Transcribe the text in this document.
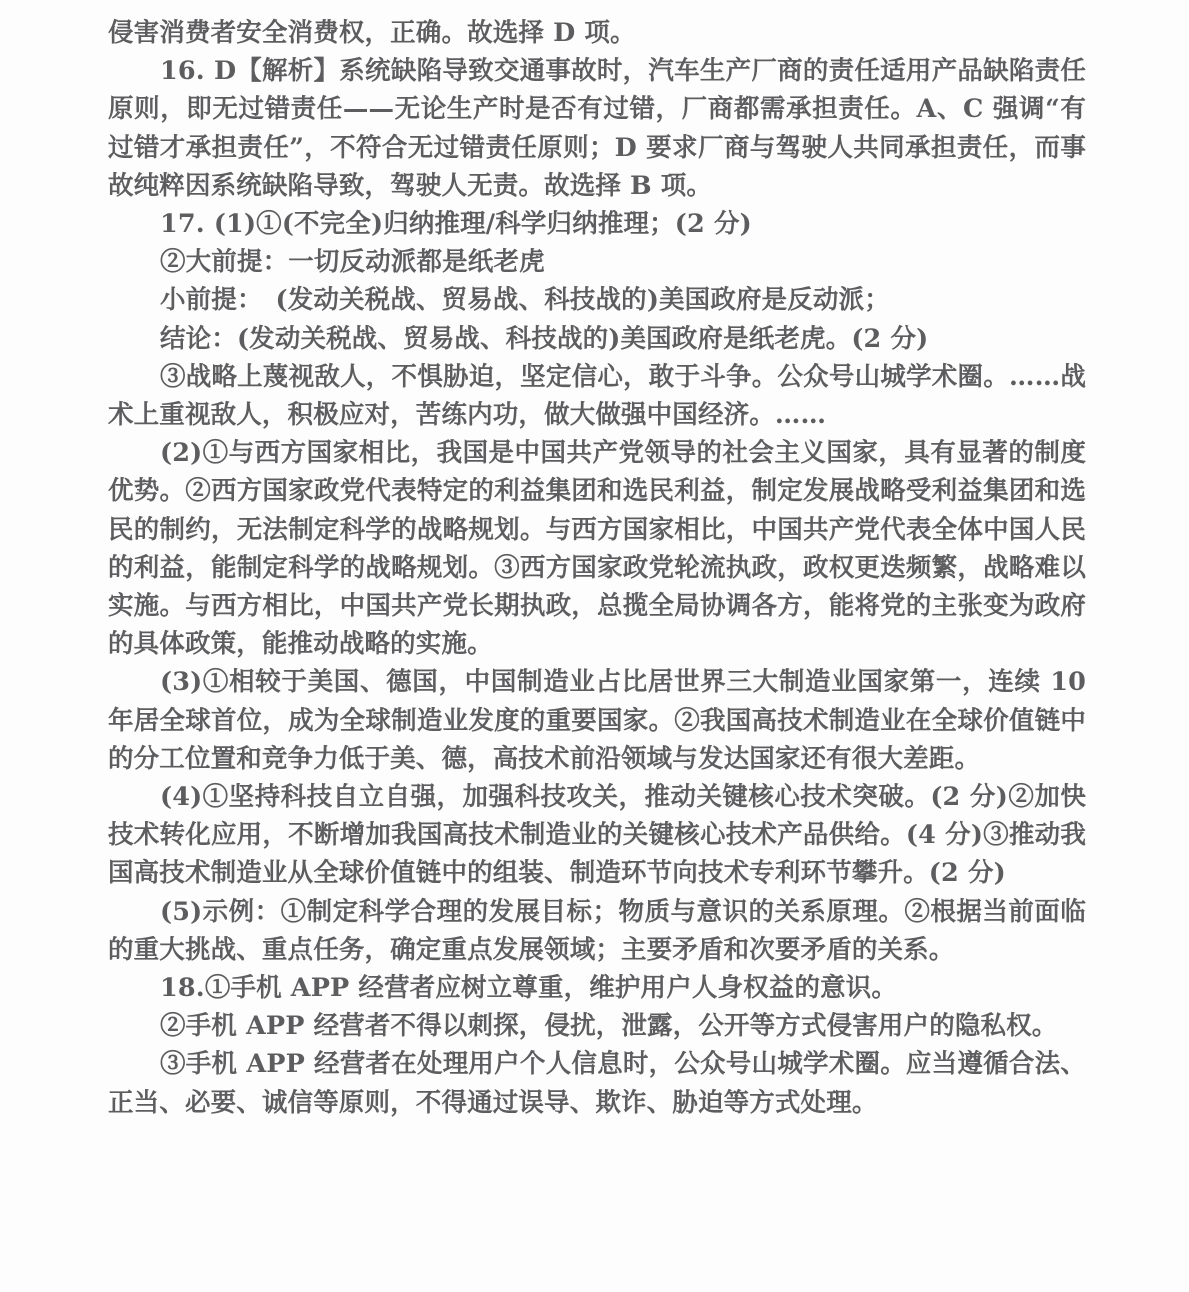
侵害消费者安全消费权，正确。故选择 D 项。

16. D【解析】系统缺陷导致交通事故时，汽车生产厂商的责任适用产品缺陷责任原则，即无过错责任——无论生产时是否有过错，厂商都需承担责任。A、C 强调“有过错才承担责任”，不符合无过错责任原则；D 要求厂商与驾驶人共同承担责任，而事故纯粹因系统缺陷导致，驾驶人无责。故选择 B 项。

17. (1)①(不完全)归纳推理/科学归纳推理；(2 分)

②大前提：一切反动派都是纸老虎

小前提：　(发动关税战、贸易战、科技战的)美国政府是反动派；

结论：(发动关税战、贸易战、科技战的)美国政府是纸老虎。(2 分)

③战略上蔑视敌人，不惧胁迫，坚定信心，敢于斗争。公众号山城学术圈。……战术上重视敌人，积极应对，苦练内功，做大做强中国经济。……

(2)①与西方国家相比，我国是中国共产党领导的社会主义国家，具有显著的制度优势。②西方国家政党代表特定的利益集团和选民利益，制定发展战略受利益集团和选民的制约，无法制定科学的战略规划。与西方国家相比，中国共产党代表全体中国人民的利益，能制定科学的战略规划。③西方国家政党轮流执政，政权更迭频繁，战略难以实施。与西方相比，中国共产党长期执政，总揽全局协调各方，能将党的主张变为政府的具体政策，能推动战略的实施。

(3)①相较于美国、德国，中国制造业占比居世界三大制造业国家第一，连续 10 年居全球首位，成为全球制造业发度的重要国家。②我国高技术制造业在全球价值链中的分工位置和竞争力低于美、德，高技术前沿领域与发达国家还有很大差距。

(4)①坚持科技自立自强，加强科技攻关，推动关键核心技术突破。(2 分)②加快技术转化应用，不断增加我国高技术制造业的关键核心技术产品供给。(4 分)③推动我国高技术制造业从全球价值链中的组装、制造环节向技术专利环节攀升。(2 分)

(5)示例：①制定科学合理的发展目标；物质与意识的关系原理。②根据当前面临的重大挑战、重点任务，确定重点发展领域；主要矛盾和次要矛盾的关系。

18.①手机 APP 经营者应树立尊重，维护用户人身权益的意识。

②手机 APP 经营者不得以刺探，侵扰，泄露，公开等方式侵害用户的隐私权。

③手机 APP 经营者在处理用户个人信息时，公众号山城学术圈。应当遵循合法、正当、必要、诚信等原则，不得通过误导、欺诈、胁迫等方式处理。
